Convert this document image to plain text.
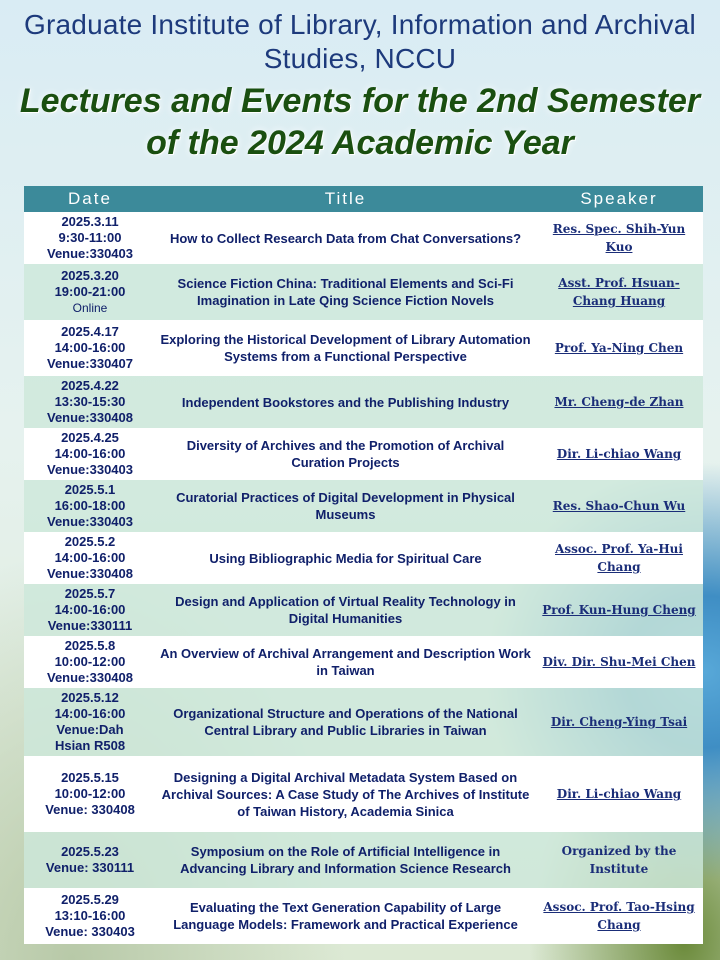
Graduate Institute of Library, Information and Archival Studies, NCCU
Lectures and Events for the 2nd Semester of the 2024 Academic Year
Date	Title	Speaker

2025.3.11
9:30-11:00
Venue:330403	How to Collect Research Data from Chat Conversations?	Res. Spec. Shih-Yun Kuo

2025.3.20
19:00-21:00
Online	Science Fiction China: Traditional Elements and Sci-Fi Imagination in Late Qing Science Fiction Novels	Asst. Prof. Hsuan-Chang Huang

2025.4.17
14:00-16:00
Venue:330407	Exploring the Historical Development of Library Automation Systems from a Functional Perspective	Prof. Ya-Ning Chen

2025.4.22
13:30-15:30
Venue:330408	Independent Bookstores and the Publishing Industry	Mr. Cheng-de Zhan

2025.4.25
14:00-16:00
Venue:330403	Diversity of Archives and the Promotion of Archival Curation Projects	Dir. Li-chiao Wang

2025.5.1
16:00-18:00
Venue:330403	Curatorial Practices of Digital Development in Physical Museums	Res. Shao-Chun Wu

2025.5.2
14:00-16:00
Venue:330408	Using Bibliographic Media for Spiritual Care	Assoc. Prof. Ya-Hui Chang

2025.5.7
14:00-16:00
Venue:330111	Design and Application of Virtual Reality Technology in Digital Humanities	Prof. Kun-Hung Cheng

2025.5.8
10:00-12:00
Venue:330408	An Overview of Archival Arrangement and Description Work in Taiwan	Div. Dir. Shu-Mei Chen

2025.5.12
14:00-16:00
Venue:Dah Hsian R508	Organizational Structure and Operations of the National Central Library and Public Libraries in Taiwan	Dir. Cheng-Ying Tsai

2025.5.15
10:00-12:00
Venue: 330408	Designing a Digital Archival Metadata System Based on Archival Sources: A Case Study of The Archives of Institute of Taiwan History, Academia Sinica	Dir. Li-chiao Wang

2025.5.23
Venue: 330111	Symposium on the Role of Artificial Intelligence in Advancing Library and Information Science Research	Organized by the Institute

2025.5.29
13:10-16:00
Venue: 330403	Evaluating the Text Generation Capability of Large Language Models: Framework and Practical Experience	Assoc. Prof. Tao-Hsing Chang
